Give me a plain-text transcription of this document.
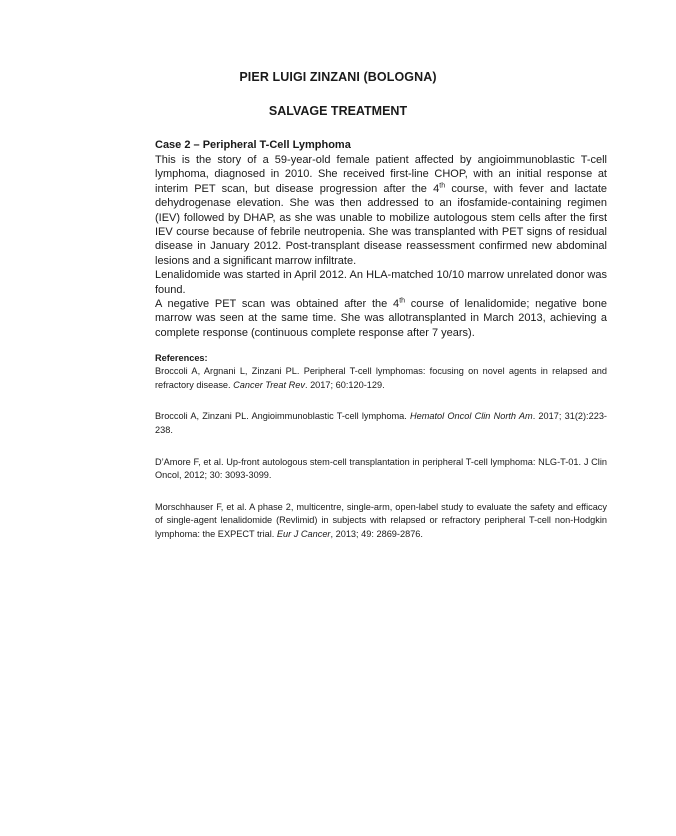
PIER LUIGI ZINZANI (BOLOGNA)
SALVAGE TREATMENT

Case 2 – Peripheral T-Cell Lymphoma

This is the story of a 59-year-old female patient affected by angioimmunoblastic T-cell lymphoma, diagnosed in 2010. She received first-line CHOP, with an initial response at interim PET scan, but disease progression after the 4th course, with fever and lactate dehydrogenase elevation. She was then addressed to an ifosfamide-containing regimen (IEV) followed by DHAP, as she was unable to mobilize autologous stem cells after the first IEV course because of febrile neutropenia. She was transplanted with PET signs of residual disease in January 2012. Post-transplant disease reassessment confirmed new abdominal lesions and a significant marrow infiltrate.

Lenalidomide was started in April 2012. An HLA-matched 10/10 marrow unrelated donor was found.

A negative PET scan was obtained after the 4th course of lenalidomide; negative bone marrow was seen at the same time. She was allotransplanted in March 2013, achieving a complete response (continuous complete response after 7 years).

References:

Broccoli A, Argnani L, Zinzani PL. Peripheral T-cell lymphomas: focusing on novel agents in relapsed and refractory disease. Cancer Treat Rev. 2017; 60:120-129.

Broccoli A, Zinzani PL. Angioimmunoblastic T-cell lymphoma. Hematol Oncol Clin North Am. 2017; 31(2):223-238.

D’Amore F, et al. Up-front autologous stem-cell transplantation in peripheral T-cell lymphoma: NLG-T-01. J Clin Oncol, 2012; 30: 3093-3099.

Morschhauser F, et al. A phase 2, multicentre, single-arm, open-label study to evaluate the safety and efficacy of single-agent lenalidomide (Revlimid) in subjects with relapsed or refractory peripheral T-cell non-Hodgkin lymphoma: the EXPECT trial. Eur J Cancer, 2013; 49: 2869-2876.
